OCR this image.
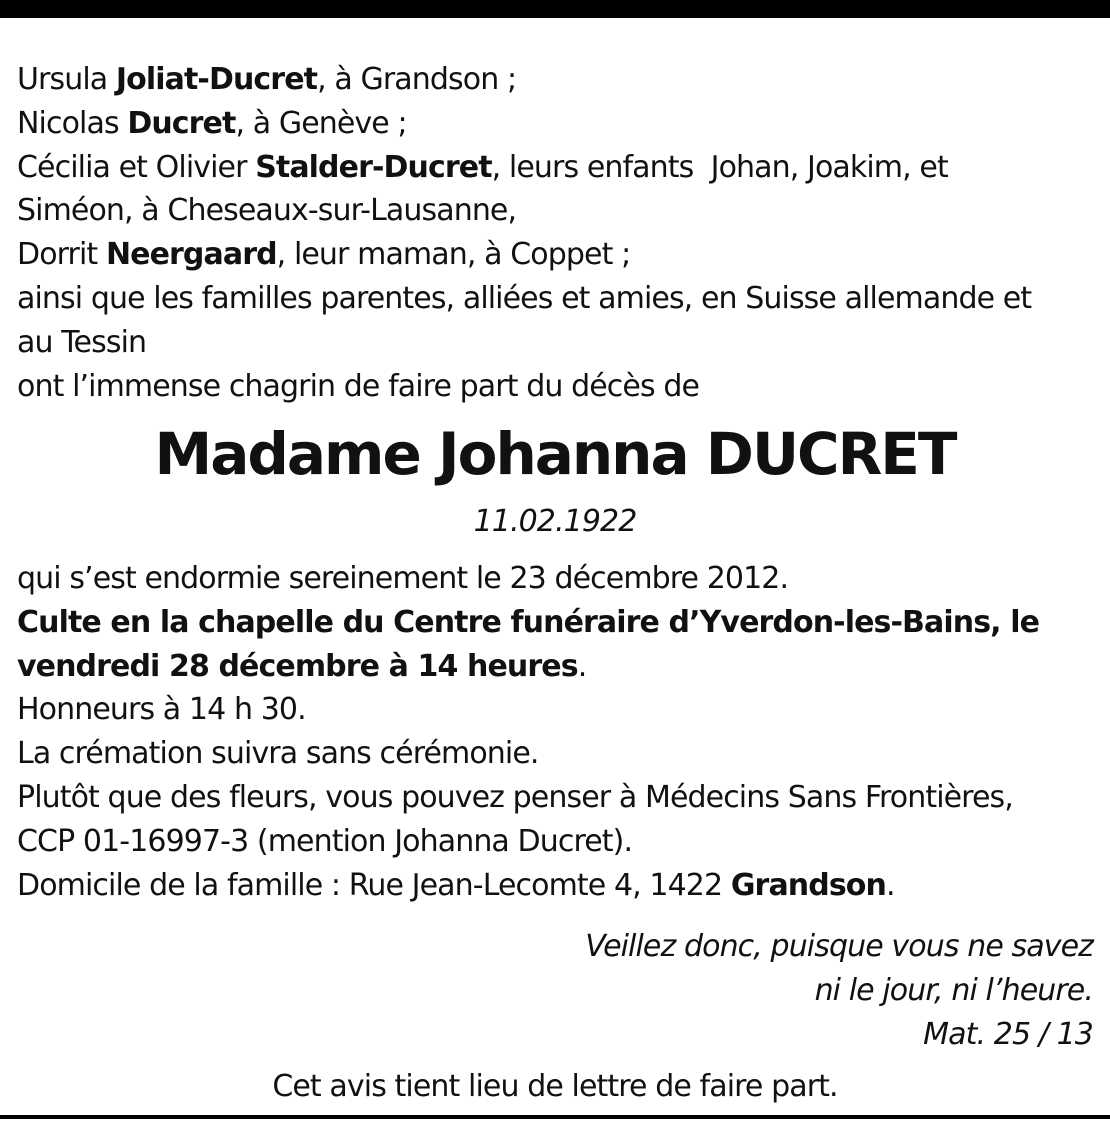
Ursula Joliat-Ducret, à Grandson ;
Nicolas Ducret, à Genève ;
Cécilia et Olivier Stalder-Ducret, leurs enfants  Johan, Joakim, et
Siméon, à Cheseaux-sur-Lausanne,
Dorrit Neergaard, leur maman, à Coppet ;
ainsi que les familles parentes, alliées et amies, en Suisse allemande et
au Tessin
ont l’immense chagrin de faire part du décès de
Madame Johanna DUCRET
11.02.1922
qui s’est endormie sereinement le 23 décembre 2012.
Culte en la chapelle du Centre funéraire d’Yverdon-les-Bains, le
vendredi 28 décembre à 14 heures.
Honneurs à 14 h 30.
La crémation suivra sans cérémonie.
Plutôt que des fleurs, vous pouvez penser à Médecins Sans Frontières,
CCP 01-16997-3 (mention Johanna Ducret).
Domicile de la famille : Rue Jean-Lecomte 4, 1422 Grandson.
Veillez donc, puisque vous ne savez
ni le jour, ni l’heure.
Mat. 25 / 13
Cet avis tient lieu de lettre de faire part.
